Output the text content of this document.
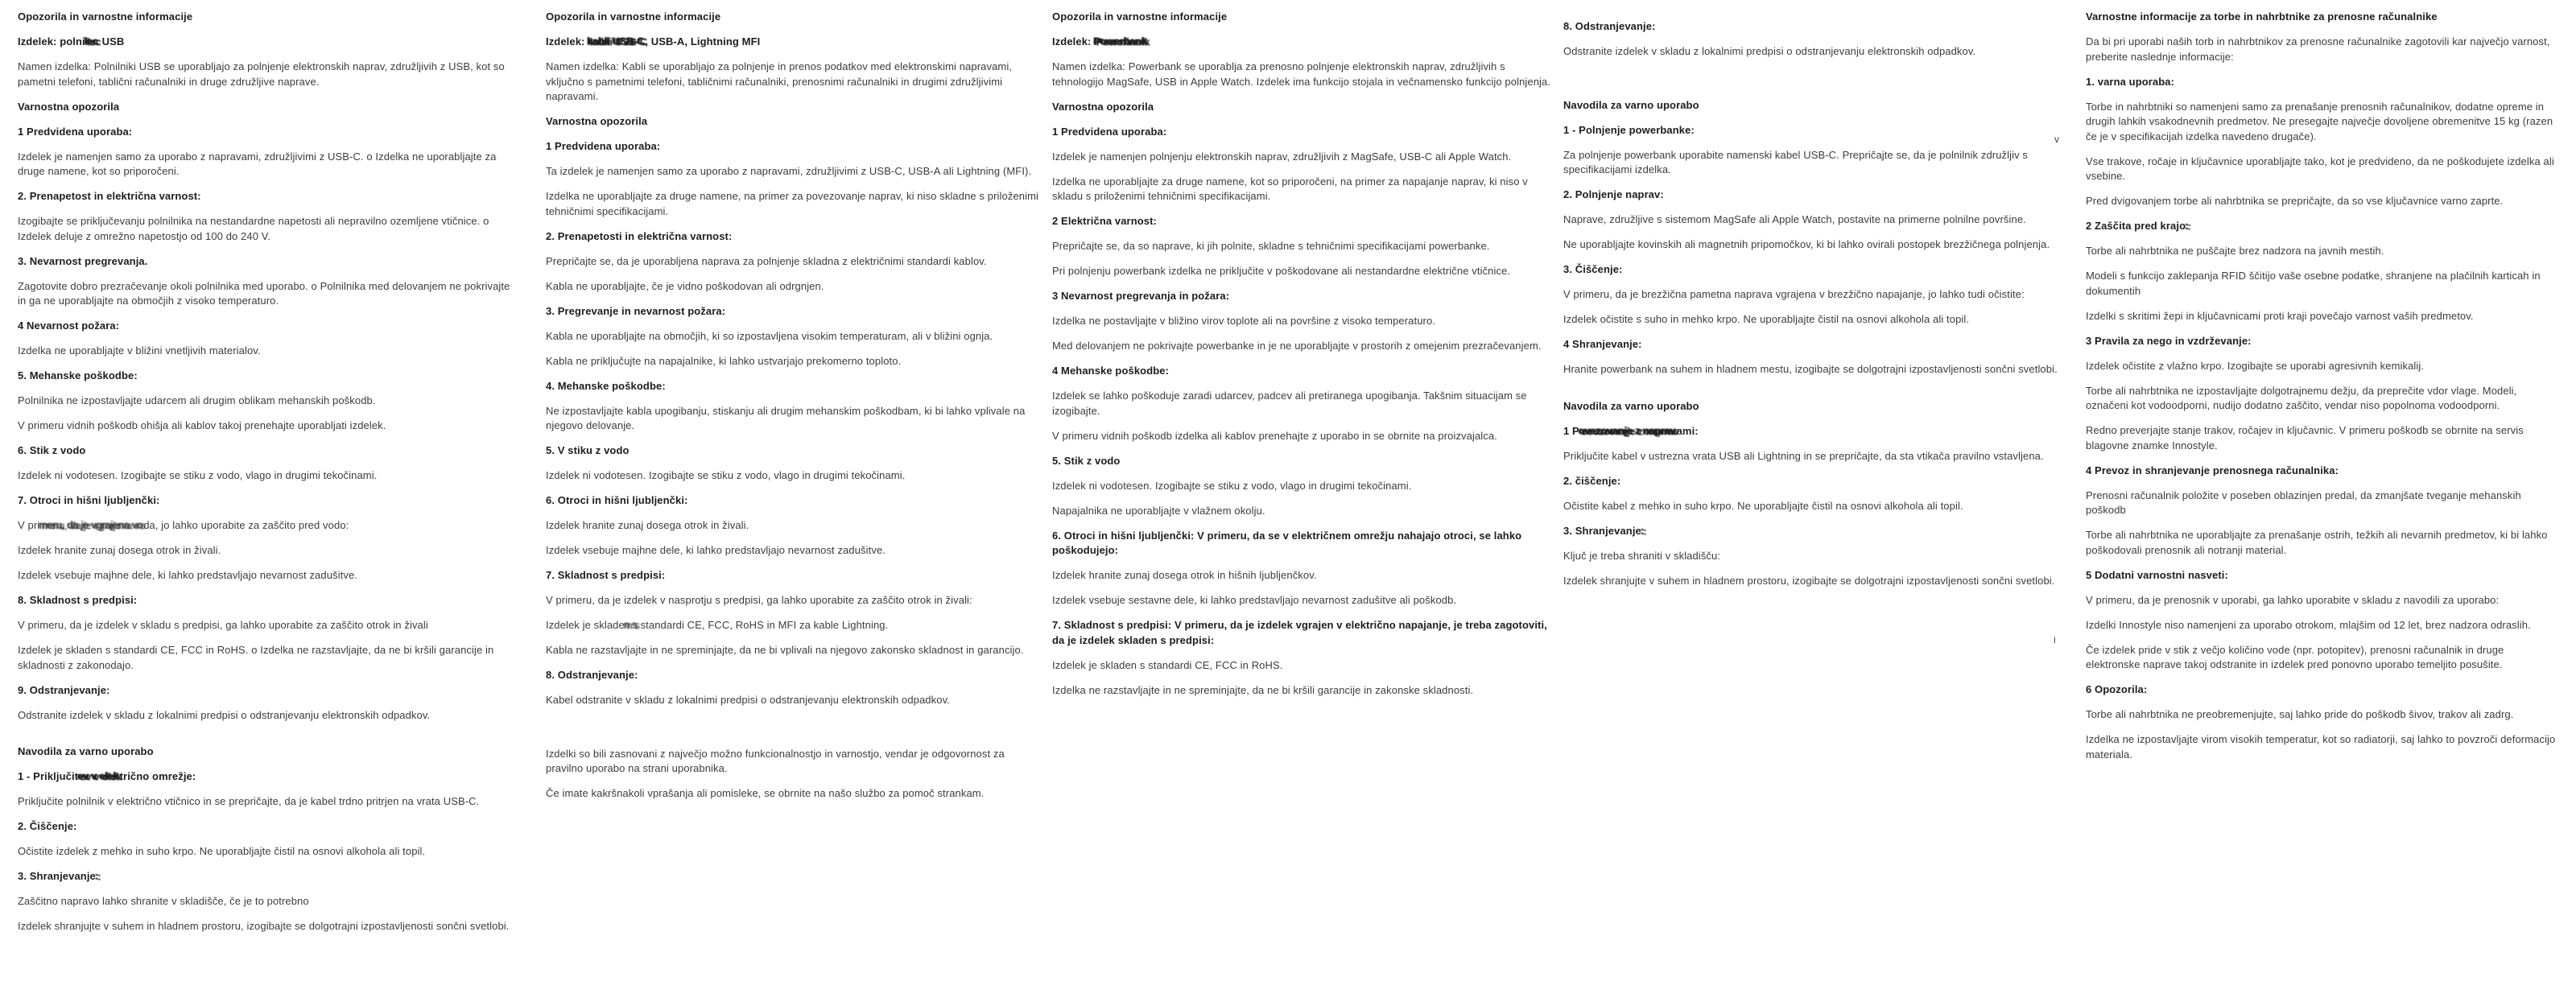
Opozorila in varnostne informacije
Izdelek: polnilec USB

Namen izdelka: Polnilniki USB se uporabljajo za polnjenje elektronskih naprav, združljivih z USB, kot so pametni telefoni, tablični računalniki in druge združljive naprave.

Varnostna opozorila
1 Predvidena uporaba:

Izdelek je namenjen samo za uporabo z napravami, združljivimi z USB-C. o Izdelka ne uporabljajte za druge namene, kot so priporočeni.

2. Prenapetost in električna varnost:

Izogibajte se priključevanju polnilnika na nestandardne napetosti ali nepravilno ozemljene vtičnice. o Izdelek deluje z omrežno napetostjo od 100 do 240 V.

3. Nevarnost pregrevanja.

Zagotovite dobro prezračevanje okoli polnilnika med uporabo. o Polnilnika med delovanjem ne pokrivajte in ga ne uporabljajte na območjih z visoko temperaturo.

4 Nevarnost požara:

Izdelka ne uporabljajte v bližini vnetljivih materialov.

5. Mehanske poškodbe:

Polnilnika ne izpostavljajte udarcem ali drugim oblikam mehanskih poškodb.

V primeru vidnih poškodb ohišja ali kablov takoj prenehajte uporabljati izdelek.

6. Stik z vodo

Izdelek ni vodotesen. Izogibajte se stiku z vodo, vlago in drugimi tekočinami.

7. Otroci in hišni ljubljenčki:

V primeru, da je vgrajena voda, jo lahko uporabite za zaščito pred vodo:

Izdelek hranite zunaj dosega otrok in živali.

Izdelek vsebuje majhne dele, ki lahko predstavljajo nevarnost zadušitve.

8. Skladnost s predpisi:

V primeru, da je izdelek v skladu s predpisi, ga lahko uporabite za zaščito otrok in živali

Izdelek je skladen s standardi CE, FCC in RoHS. o Izdelka ne razstavljajte, da ne bi kršili garancije in skladnosti z zakonodajo.

9. Odstranjevanje:

Odstranite izdelek v skladu z lokalnimi predpisi o odstranjevanju elektronskih odpadkov.

Navodila za varno uporabo
1 - Priključitev v električno omrežje:

Priključite polnilnik v električno vtičnico in se prepričajte, da je kabel trdno pritrjen na vrata USB-C.

2. Čiščenje:

Očistite izdelek z mehko in suho krpo. Ne uporabljajte čistil na osnovi alkohola ali topil.

3. Shranjevanje:

Zaščitno napravo lahko shranite v skladišče, če je to potrebno

Izdelek shranjujte v suhem in hladnem prostoru, izogibajte se dolgotrajni izpostavljenosti sončni svetlobi.

Opozorila in varnostne informacije
Izdelek: kabli USB-C, USB-A, Lightning MFI

Namen izdelka: Kabli se uporabljajo za polnjenje in prenos podatkov med elektronskimi napravami, vključno s pametnimi telefoni, tabličnimi računalniki, prenosnimi računalniki in drugimi združljivimi napravami.

Varnostna opozorila
1 Predvidena uporaba:

Ta izdelek je namenjen samo za uporabo z napravami, združljivimi z USB-C, USB-A ali Lightning (MFI).

Izdelka ne uporabljajte za druge namene, na primer za povezovanje naprav, ki niso skladne s priloženimi tehničnimi specifikacijami.

2. Prenapetosti in električna varnost:

Prepričajte se, da je uporabljena naprava za polnjenje skladna z električnimi standardi kablov.

Kabla ne uporabljajte, če je vidno poškodovan ali odrgnjen.

3. Pregrevanje in nevarnost požara:

Kabla ne uporabljajte na območjih, ki so izpostavljena visokim temperaturam, ali v bližini ognja.

Kabla ne priključujte na napajalnike, ki lahko ustvarjajo prekomerno toploto.

4. Mehanske poškodbe:

Ne izpostavljajte kabla upogibanju, stiskanju ali drugim mehanskim poškodbam, ki bi lahko vplivale na njegovo delovanje.

5. V stiku z vodo

Izdelek ni vodotesen. Izogibajte se stiku z vodo, vlago in drugimi tekočinami.

6. Otroci in hišni ljubljenčki:

Izdelek hranite zunaj dosega otrok in živali.

Izdelek vsebuje majhne dele, ki lahko predstavljajo nevarnost zadušitve.

7. Skladnost s predpisi:

V primeru, da je izdelek v nasprotju s predpisi, ga lahko uporabite za zaščito otrok in živali:

Izdelek je skladen s standardi CE, FCC, RoHS in MFI za kable Lightning.

Kabla ne razstavljajte in ne spreminjajte, da ne bi vplivali na njegovo zakonsko skladnost in garancijo.

8. Odstranjevanje:

Kabel odstranite v skladu z lokalnimi predpisi o odstranjevanju elektronskih odpadkov.

Izdelki so bili zasnovani z največjo možno funkcionalnostjo in varnostjo, vendar je odgovornost za pravilno uporabo na strani uporabnika.

Če imate kakršnakoli vprašanja ali pomisleke, se obrnite na našo službo za pomoč strankam.

Opozorila in varnostne informacije
Izdelek: Powerbank

Namen izdelka: Powerbank se uporablja za prenosno polnjenje elektronskih naprav, združljivih s tehnologijo MagSafe, USB in Apple Watch. Izdelek ima funkcijo stojala in večnamensko funkcijo polnjenja.

Varnostna opozorila
1 Predvidena uporaba:

Izdelek je namenjen polnjenju elektronskih naprav, združljivih z MagSafe, USB-C ali Apple Watch.

Izdelka ne uporabljajte za druge namene, kot so priporočeni, na primer za napajanje naprav, ki niso v skladu s priloženimi tehničnimi specifikacijami.

2 Električna varnost:

Prepričajte se, da so naprave, ki jih polnite, skladne s tehničnimi specifikacijami powerbanke.

Pri polnjenju powerbank izdelka ne priključite v poškodovane ali nestandardne električne vtičnice.

3 Nevarnost pregrevanja in požara:

Izdelka ne postavljajte v bližino virov toplote ali na površine z visoko temperaturo.

Med delovanjem ne pokrivajte powerbanke in je ne uporabljajte v prostorih z omejenim prezračevanjem.

4 Mehanske poškodbe:

Izdelek se lahko poškoduje zaradi udarcev, padcev ali pretiranega upogibanja. Takšnim situacijam se izogibajte.

V primeru vidnih poškodb izdelka ali kablov prenehajte z uporabo in se obrnite na proizvajalca.

5. Stik z vodo

Izdelek ni vodotesen. Izogibajte se stiku z vodo, vlago in drugimi tekočinami.

Napajalnika ne uporabljajte v vlažnem okolju.

6. Otroci in hišni ljubljenčki: V primeru, da se v električnem omrežju nahajajo otroci, se lahko poškodujejo:

Izdelek hranite zunaj dosega otrok in hišnih ljubljenčkov.

Izdelek vsebuje sestavne dele, ki lahko predstavljajo nevarnost zadušitve ali poškodb.

7. Skladnost s predpisi: V primeru, da je izdelek vgrajen v električno napajanje, je treba zagotoviti, da je izdelek skladen s predpisi:

Izdelek je skladen s standardi CE, FCC in RoHS.

Izdelka ne razstavljajte in ne spreminjajte, da ne bi kršili garancije in zakonske skladnosti.

8. Odstranjevanje:

Odstranite izdelek v skladu z lokalnimi predpisi o odstranjevanju elektronskih odpadkov.

Navodila za varno uporabo
1 - Polnjenje powerbanke:

Za polnjenje powerbank uporabite namenski kabel USB-C. Prepričajte se, da je polnilnik združljiv s specifikacijami izdelka.

2. Polnjenje naprav:

Naprave, združljive s sistemom MagSafe ali Apple Watch, postavite na primerne polnilne površine.

Ne uporabljajte kovinskih ali magnetnih pripomočkov, ki bi lahko ovirali postopek brezžičnega polnjenja.

3. Čiščenje:

V primeru, da je brezžična pametna naprava vgrajena v brezžično napajanje, jo lahko tudi očistite:

Izdelek očistite s suho in mehko krpo. Ne uporabljajte čistil na osnovi alkohola ali topil.

4 Shranjevanje:

Hranite powerbank na suhem in hladnem mestu, izogibajte se dolgotrajni izpostavljenosti sončni svetlobi.

Navodila za varno uporabo
1 Povezovanje z napravami:

Priključite kabel v ustrezna vrata USB ali Lightning in se prepričajte, da sta vtikača pravilno vstavljena.

2. čiščenje:

Očistite kabel z mehko in suho krpo. Ne uporabljajte čistil na osnovi alkohola ali topil.

3. Shranjevanje:

Ključ je treba shraniti v skladišču:

Izdelek shranjujte v suhem in hladnem prostoru, izogibajte se dolgotrajni izpostavljenosti sončni svetlobi.

Varnostne informacije za torbe in nahrbtnike za prenosne računalnike

Da bi pri uporabi naših torb in nahrbtnikov za prenosne računalnike zagotovili kar največjo varnost, preberite naslednje informacije:

1. varna uporaba:

Torbe in nahrbtniki so namenjeni samo za prenašanje prenosnih računalnikov, dodatne opreme in drugih lahkih vsakodnevnih predmetov. Ne presegajte največje dovoljene obremenitve 15 kg (razen če je v specifikacijah izdelka navedeno drugače).

Vse trakove, ročaje in ključavnice uporabljajte tako, kot je predvideno, da ne poškodujete izdelka ali vsebine.

Pred dvigovanjem torbe ali nahrbtnika se prepričajte, da so vse ključavnice varno zaprte.

2 Zaščita pred krajo:

Torbe ali nahrbtnika ne puščajte brez nadzora na javnih mestih.

Modeli s funkcijo zaklepanja RFID ščitijo vaše osebne podatke, shranjene na plačilnih karticah in dokumentih

Izdelki s skritimi žepi in ključavnicami proti kraji povečajo varnost vaših predmetov.

3 Pravila za nego in vzdrževanje:

Izdelek očistite z vlažno krpo. Izogibajte se uporabi agresivnih kemikalij.

Torbe ali nahrbtnika ne izpostavljajte dolgotrajnemu dežju, da preprečite vdor vlage. Modeli, označeni kot vodoodporni, nudijo dodatno zaščito, vendar niso popolnoma vodoodporni.

Redno preverjajte stanje trakov, ročajev in ključavnic. V primeru poškodb se obrnite na servis blagovne znamke Innostyle.

4 Prevoz in shranjevanje prenosnega računalnika:

Prenosni računalnik položite v poseben oblazinjen predal, da zmanjšate tveganje mehanskih poškodb

Torbe ali nahrbtnika ne uporabljajte za prenašanje ostrih, težkih ali nevarnih predmetov, ki bi lahko poškodovali prenosnik ali notranji material.

5 Dodatni varnostni nasveti:

V primeru, da je prenosnik v uporabi, ga lahko uporabite v skladu z navodili za uporabo:

Izdelki Innostyle niso namenjeni za uporabo otrokom, mlajšim od 12 let, brez nadzora odraslih.

Če izdelek pride v stik z večjo količino vode (npr. potopitev), prenosni računalnik in druge elektronske naprave takoj odstranite in izdelek pred ponovno uporabo temeljito posušite.

6 Opozorila:

Torbe ali nahrbtnika ne preobremenjujte, saj lahko pride do poškodb šivov, trakov ali zadrg.

Izdelka ne izpostavljajte virom visokih temperatur, kot so radiatorji, saj lahko to povzroči deformacijo materiala.

v
i
